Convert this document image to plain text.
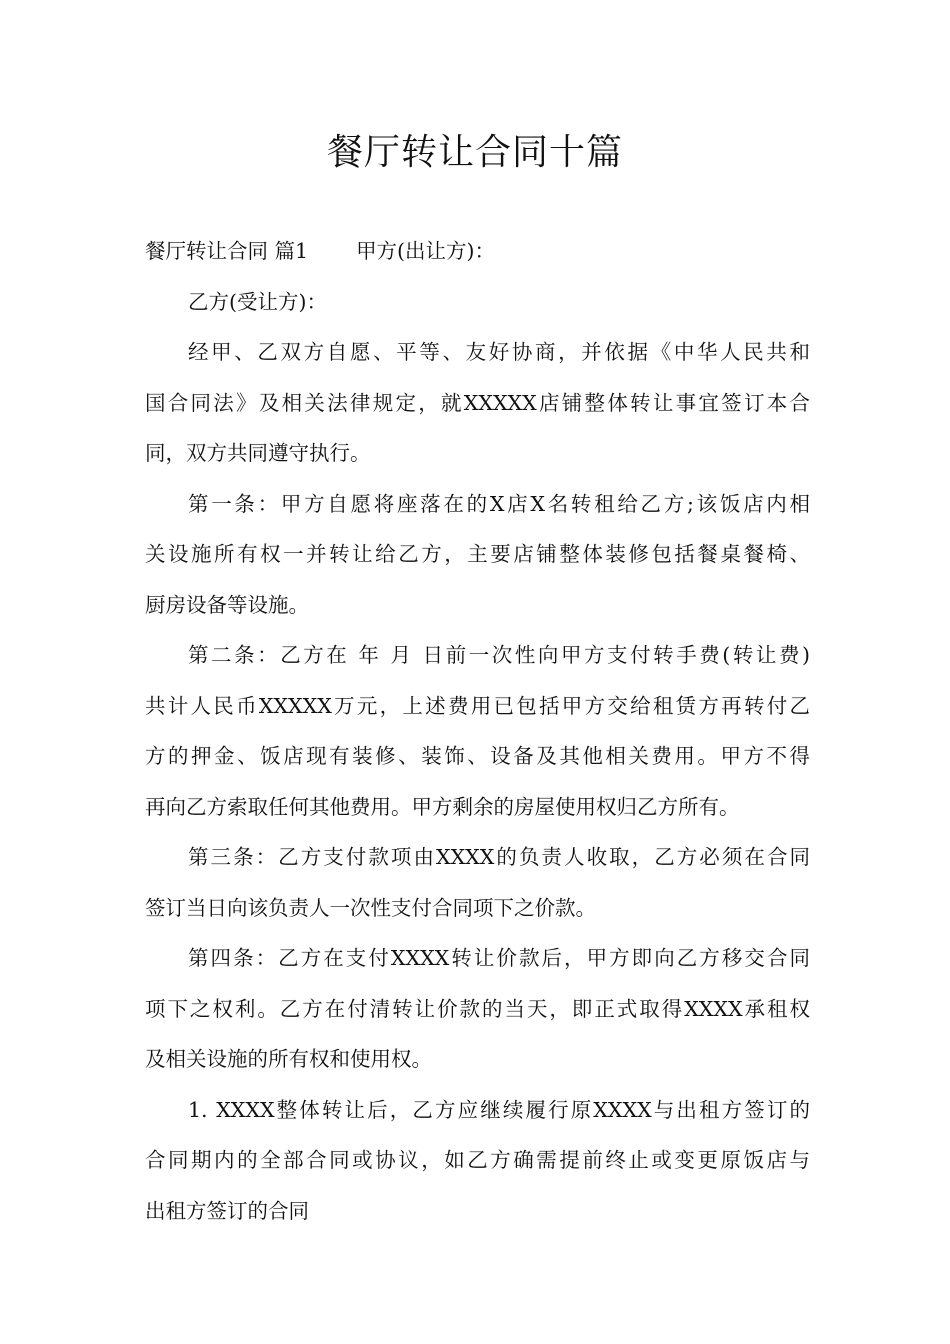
餐厅转让合同十篇
餐厅转让合同 篇1 甲方(出让方)：
乙方(受让方)：
经甲、乙双方自愿、平等、友好协商，并依据《中华人民共和
国合同法》及相关法律规定，就XXXXX店铺整体转让事宜签订本合
同，双方共同遵守执行。
第一条：甲方自愿将座落在的X店X名转租给乙方;该饭店内相
关设施所有权一并转让给乙方，主要店铺整体装修包括餐桌餐椅、
厨房设备等设施。
第二条：乙方在 年 月 日前一次性向甲方支付转手费(转让费)
共计人民币XXXXX万元，上述费用已包括甲方交给租赁方再转付乙
方的押金、饭店现有装修、装饰、设备及其他相关费用。甲方不得
再向乙方索取任何其他费用。甲方剩余的房屋使用权归乙方所有。
第三条：乙方支付款项由XXXX的负责人收取，乙方必须在合同
签订当日向该负责人一次性支付合同项下之价款。
第四条：乙方在支付XXXX转让价款后，甲方即向乙方移交合同
项下之权利。乙方在付清转让价款的当天，即正式取得XXXX承租权
及相关设施的所有权和使用权。
1. XXXX整体转让后，乙方应继续履行原XXXX与出租方签订的
合同期内的全部合同或协议，如乙方确需提前终止或变更原饭店与
出租方签订的合同
